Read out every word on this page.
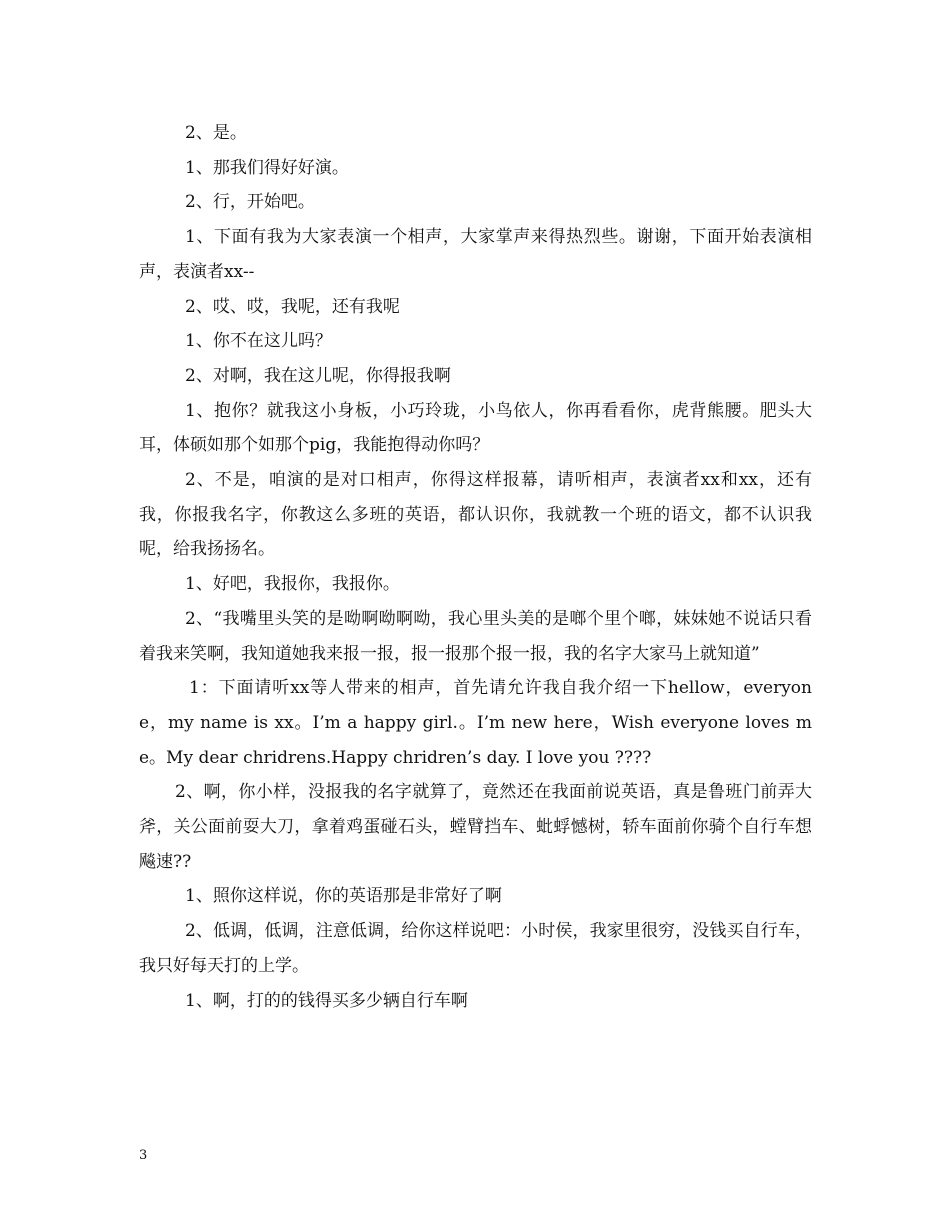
2、是。

1、那我们得好好演。

2、行，开始吧。

1、下面有我为大家表演一个相声，大家掌声来得热烈些。谢谢，下面开始表演相声，表演者xx--

2、哎、哎，我呢，还有我呢

1、你不在这儿吗？

2、对啊，我在这儿呢，你得报我啊

1、抱你？就我这小身板，小巧玲珑，小鸟依人，你再看看你，虎背熊腰。肥头大耳，体硕如那个如那个pig，我能抱得动你吗？

2、不是，咱演的是对口相声，你得这样报幕，请听相声，表演者xx和xx，还有我，你报我名字，你教这么多班的英语，都认识你，我就教一个班的语文，都不认识我呢，给我扬扬名。

1、好吧，我报你，我报你。

2、“我嘴里头笑的是呦啊呦啊呦，我心里头美的是啷个里个啷，妹妹她不说话只看着我来笑啊，我知道她我来报一报，报一报那个报一报，我的名字大家马上就知道”

1：下面请听xx等人带来的相声，首先请允许我自我介绍一下hellow，everyone，my name is xx。I’m a happy girl.。I’m new here，Wish everyone loves me。My dear chridrens.Happy chridren’s day. I love you ????

2、啊，你小样，没报我的名字就算了，竟然还在我面前说英语，真是鲁班门前弄大斧，关公面前耍大刀，拿着鸡蛋碰石头，螳臂挡车、蚍蜉憾树，轿车面前你骑个自行车想飚速??

1、照你这样说，你的英语那是非常好了啊

2、低调，低调，注意低调，给你这样说吧：小时侯，我家里很穷，没钱买自行车，我只好每天打的上学。

1、啊，打的的钱得买多少辆自行车啊

3
